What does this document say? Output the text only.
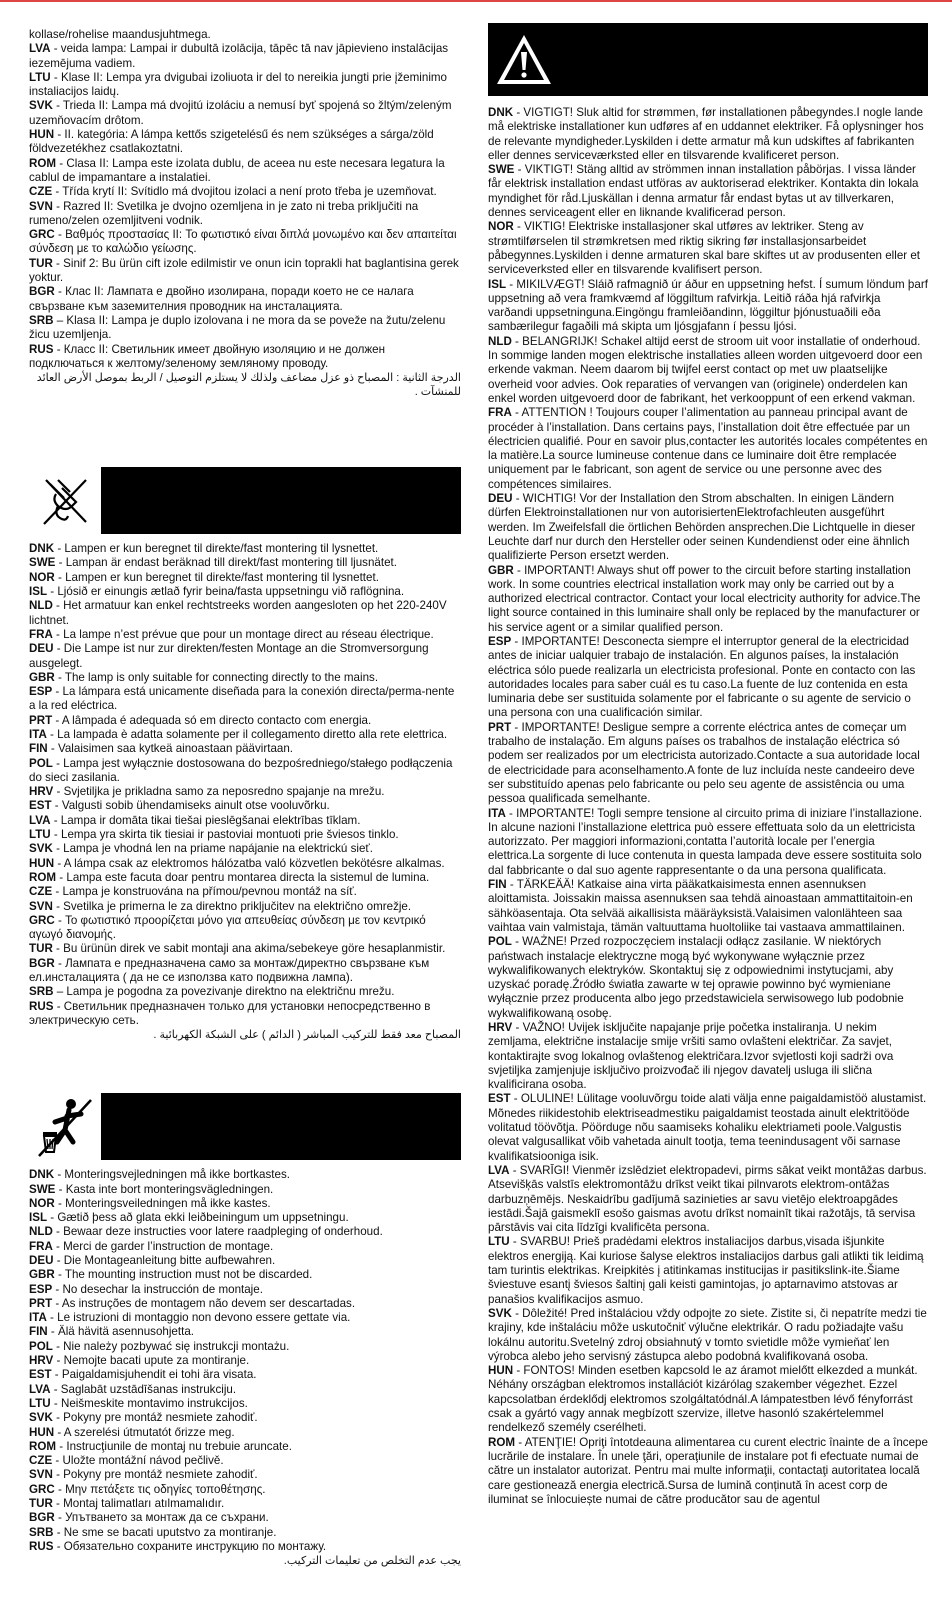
kollase/rohelise maandusjuhtmega.

LVA - veida lampa: Lampai ir dubultā izolācija, tāpēc tā nav jāpievieno instalācijas iezemējuma vadiem.

LTU - Klase II: Lempa yra dvigubai izoliuota ir del to nereikia jungti prie įžeminimo instaliacijos laidų.

SVK - Trieda II: Lampa má dvojitú izoláciu a nemusí byť spojená so žltým/zeleným uzemňovacím drôtom.

HUN - II. kategória: A lámpa kettős szigetelésű és nem szükséges a sárga/zöld földvezetékhez csatlakoztatni.

ROM - Clasa II: Lampa este izolata dublu, de aceea nu este necesara legatura la cablul de impamantare a instalatiei.

CZE - Třída krytí II: Svítidlo má dvojitou izolaci a není proto třeba je uzemňovat.

SVN - Razred II: Svetilka je dvojno ozemljena in je zato ni treba priključiti na rumeno/zelen ozemljitveni vodnik.

GRC - Βαθμός προστασίας II: Το φωτιστικό είναι διπλά μονωμένο και δεν απαιτείται σύνδεση με το καλώδιο γείωσης.

TUR - Sinif 2: Bu ürün cift izole edilmistir ve onun icin toprakli hat baglantisina gerek yoktur.

BGR - Клас II: Лампата е двойно изолирана, поради което не се налага свързване към заземителния проводник на инсталацията.

SRB – Klasa II: Lampa je duplo izolovana i ne mora da se poveže na žutu/zelenu žicu uzemljenja.

RUS - Класс II: Светильник имеет двойную изоляцию и не должен подключаться к желтому/зеленому земляному проводу.

الدرجة الثانية : المصباح ذو عزل مضاعف ولذلك لا يستلزم التوصيل / الربط بموصل الأرض العائد للمنشآت .

DNK - Lampen er kun beregnet til direkte/fast montering til lysnettet.

SWE - Lampan är endast beräknad till direkt/fast montering till ljusnätet.

NOR - Lampen er kun beregnet til direkte/fast montering til lysnettet.

ISL - Ljósið er einungis ætlað fyrir beina/fasta uppsetningu við raflögnina.

NLD - Het armatuur kan enkel rechtstreeks worden aangesloten op het 220-240V lichtnet.

FRA - La lampe n’est prévue que pour un montage direct au réseau électrique.

DEU - Die Lampe ist nur zur direkten/festen Montage an die Stromversorgung ausgelegt.

GBR - The lamp is only suitable for connecting directly to the mains.

ESP - La lámpara está unicamente diseñada para la conexión directa/perma-nente a la red eléctrica.

PRT - A lâmpada é adequada só em directo contacto com energia.

ITA - La lampada è adatta solamente per il collegamento diretto alla rete elettrica.

FIN - Valaisimen saa kytkeä ainoastaan päävirtaan.

POL - Lampa jest wyłącznie dostosowana do bezpośredniego/stałego podłączenia do sieci zasilania.

HRV - Svjetiljka je prikladna samo za neposredno spajanje na mrežu.

EST - Valgusti sobib ühendamiseks ainult otse vooluvõrku.

LVA - Lampa ir domāta tikai tiešai pieslēgšanai elektrības tīklam.

LTU - Lempa yra skirta tik tiesiai ir pastoviai montuoti prie šviesos tinklo.

SVK - Lampa je vhodná len na priame napájanie na elektrickú sieť.

HUN - A lámpa csak az elektromos hálózatba való közvetlen bekötésre alkalmas.

ROM - Lampa este facuta doar pentru montarea directa la sistemul de lumina.

CZE - Lampa je konstruována na přímou/pevnou montáž na síť.

SVN - Svetilka je primerna le za direktno priključitev na električno omrežje.

GRC - Το φωτιστικό προορίζεται μόνο για απευθείας σύνδεση με τον κεντρικό αγωγό διανομής.

TUR - Bu ürünün direk ve sabit montaji ana akima/sebekeye göre hesaplanmistir.

BGR - Лампата е предназначена само за монтаж/директно свързване към ел.инсталацията ( да не се използва като подвижна лампа).

SRB – Lampa je pogodna za povezivanje direktno na električnu mrežu.

RUS - Светильник предназначен только для установки непосредственно в электрическую сеть.

المصباح معد فقط للتركيب المباشر ( الدائم ) على الشبكة الكهربائية .

DNK - Monteringsvejledningen må ikke bortkastes.

SWE - Kasta inte bort monteringsvägledningen.

NOR - Monteringsveiledningen må ikke kastes.

ISL - Gætið þess að glata ekki leiðbeiningum um uppsetningu.

NLD - Bewaar deze instructies voor latere raadpleging of onderhoud.

FRA - Merci de garder l’instruction de montage.

DEU - Die Montageanleitung bitte aufbewahren.

GBR - The mounting instruction must not be discarded.

ESP - No desechar la instrucción de montaje.

PRT - As instruções de montagem não devem ser descartadas.

ITA - Le istruzioni di montaggio non devono essere gettate via.

FIN - Älä hävitä asennusohjetta.

POL - Nie należy pozbywać się instrukcji montażu.

HRV - Nemojte bacati upute za montiranje.

EST - Paigaldamisjuhendit ei tohi ära visata.

LVA - Saglabāt uzstādīšanas instrukciju.

LTU - Neišmeskite montavimo instrukcijos.

SVK - Pokyny pre montáž nesmiete zahodiť.

HUN - A szerelési útmutatót őrizze meg.

ROM - Instrucţiunile de montaj nu trebuie aruncate.

CZE - Uložte montážní návod pečlivě.

SVN - Pokyny pre montáž nesmiete zahodiť.

GRC - Μην πετάξετε τις οδηγίες τοποθέτησης.

TUR - Montaj talimatları atılmamalıdır.

BGR - Упътването за монтаж да се съхрани.

SRB - Ne sme se bacati uputstvo za montiranje.

RUS - Обязательно сохраните инструкцию по монтажу.

يجب عدم التخلص من تعليمات التركيب.

DNK - VIGTIGT! Sluk altid for strømmen, før installationen påbegyndes.I nogle lande må elektriske installationer kun udføres af en uddannet elektriker. Få oplysninger hos de relevante myndigheder.Lyskilden i dette armatur må kun udskiftes af fabrikanten eller dennes serviceværksted eller en tilsvarende kvalificeret person.

SWE - VIKTIGT! Stäng alltid av strömmen innan installation påbörjas. I vissa länder får elektrisk installation endast utföras av auktoriserad elektriker. Kontakta din lokala myndighet för råd.Ljuskällan i denna armatur får endast bytas ut av tillverkaren, dennes serviceagent eller en liknande kvalificerad person.

NOR - VIKTIG! Elektriske installasjoner skal utføres av lektriker. Steng av strømtilførselen til strømkretsen med riktig sikring før installasjonsarbeidet påbegynnes.Lyskilden i denne armaturen skal bare skiftes ut av produsenten eller et serviceverksted eller en tilsvarende kvalifisert person.

ISL - MIKILVÆGT! Sláið rafmagnið úr áður en uppsetning hefst. Í sumum löndum þarf uppsetning að vera framkvæmd af löggiltum rafvirkja. Leitið ráða hjá rafvirkja varðandi uppsetninguna.Eingöngu framleiðandinn, löggiltur þjónustuaðili eða sambærilegur fagaðili má skipta um ljósgjafann í þessu ljósi.

NLD - BELANGRIJK! Schakel altijd eerst de stroom uit voor installatie of onderhoud. In sommige landen mogen elektrische installaties alleen worden uitgevoerd door een erkende vakman. Neem daarom bij twijfel eerst contact op met uw plaatselijke overheid voor advies. Ook reparaties of vervangen van (originele) onderdelen kan enkel worden uitgevoerd door de fabrikant, het verkooppunt of een erkend vakman.

FRA - ATTENTION ! Toujours couper l’alimentation au panneau principal avant de procéder à l’installation. Dans certains pays, l’installation doit être effectuée par un électricien qualifié. Pour en savoir plus,contacter les autorités locales compétentes en la matière.La source lumineuse contenue dans ce luminaire doit être remplacée uniquement par le fabricant, son agent de service ou une personne avec des compétences similaires.

DEU - WICHTIG! Vor der Installation den Strom abschalten. In einigen Ländern dürfen Elektroinstallationen nur von autorisiertenElektrofachleuten ausgeführt werden. Im Zweifelsfall die örtlichen Behörden ansprechen.Die Lichtquelle in dieser Leuchte darf nur durch den Hersteller oder seinen Kundendienst oder eine ähnlich qualifizierte Person ersetzt werden.

GBR - IMPORTANT! Always shut off power to the circuit before starting installation work. In some countries electrical installation work may only be carried out by a authorized electrical contractor. Contact your local electricity authority for advice.The light source contained in this luminaire shall only be replaced by the manufacturer or his service agent or a similar qualified person.

ESP - IMPORTANTE! Desconecta siempre el interruptor general de la electricidad antes de iniciar ualquier trabajo de instalación. En algunos países, la instalación eléctrica sólo puede realizarla un electricista profesional. Ponte en contacto con las autoridades locales para saber cuál es tu caso.La fuente de luz contenida en esta luminaria debe ser sustituida solamente por el fabricante o su agente de servicio o una persona con una cualificación similar.

PRT - IMPORTANTE! Desligue sempre a corrente eléctrica antes de começar um trabalho de instalação. Em alguns países os trabalhos de instalação eléctrica só podem ser realizados por um electricista autorizado.Contacte a sua autoridade local de electricidade para aconselhamento.A fonte de luz incluída neste candeeiro deve ser substituído apenas pelo fabricante ou pelo seu agente de assistência ou uma pessoa qualificada semelhante.

ITA - IMPORTANTE! Togli sempre tensione al circuito prima di iniziare l’installazione. In alcune nazioni l’installazione elettrica può essere effettuata solo da un elettricista autorizzato. Per maggiori informazioni,contatta l’autorità locale per l’energia elettrica.La sorgente di luce contenuta in questa lampada deve essere sostituita solo dal fabbricante o dal suo agente rappresentante o da una persona qualificata.

FIN - TÄRKEÄÄ! Katkaise aina virta pääkatkaisimesta ennen asennuksen aloittamista. Joissakin maissa asennuksen saa tehdä ainoastaan ammattitaitoin-en sähköasentaja. Ota selvää aikallisista määräyksistä.Valaisimen valonlähteen saa vaihtaa vain valmistaja, tämän valtuuttama huoltoliike tai vastaava ammattilainen.

POL - WAŻNE! Przed rozpoczęciem instalacji odłącz zasilanie. W niektórych państwach instalacje elektryczne mogą być wykonywane wyłącznie przez wykwalifikowanych elektryków. Skontaktuj się z odpowiednimi instytucjami, aby uzyskać poradę.Źródło światła zawarte w tej oprawie powinno być wymieniane wyłącznie przez producenta albo jego przedstawiciela serwisowego lub podobnie wykwalifikowaną osobę.

HRV - VAŽNO! Uvijek isključite napajanje prije početka instaliranja. U nekim zemljama, električne instalacije smije vršiti samo ovlašteni električar. Za savjet, kontaktirajte svog lokalnog ovlaštenog električara.Izvor svjetlosti koji sadrži ova svjetiljka zamjenjuje isključivo proizvođač ili njegov davatelj usluga ili slična kvalificirana osoba.

EST - OLULINE! Lülitage vooluvõrgu toide alati välja enne paigaldamistöö alustamist. Mõnedes riikidestohib elektriseadmestiku paigaldamist teostada ainult elektritööde volitatud töövõtja. Pöörduge nõu saamiseks kohaliku elektriameti poole.Valgustis olevat valgusallikat võib vahetada ainult tootja, tema teenindusagent või sarnase kvalifikatsiooniga isik.

LVA - SVARĪGI! Vienmēr izslēdziet elektropadevi, pirms sākat veikt montāžas darbus. Atsevišķās valstīs elektromontāžu drīkst veikt tikai pilnvarots elektrom-ontāžas darbuzņēmējs. Neskaidrību gadījumā sazinieties ar savu vietējo elektroapgādes iestādi.Šajā gaismeklī esošo gaismas avotu drīkst nomainīt tikai ražotājs, tā servisa pārstāvis vai cita līdzīgi kvalificēta persona.

LTU - SVARBU! Prieš pradėdami elektros instaliacijos darbus,visada išjunkite elektros energiją. Kai kuriose šalyse elektros instaliacijos darbus gali atlikti tik leidimą tam turintis elektrikas. Kreipkitės į atitinkamas institucijas ir pasitikslink-ite.Šiame šviestuve esantį šviesos šaltinį gali keisti gamintojas, jo aptarnavimo atstovas ar panašios kvalifikacijos asmuo.

SVK - Dôležité! Pred inštaláciou vždy odpojte zo siete. Zistite si, či nepatríte medzi tie krajiny, kde inštaláciu môže uskutočniť výlučne elektrikár. O radu požiadajte vašu lokálnu autoritu.Svetelný zdroj obsiahnutý v tomto svietidle môže vymieňať len výrobca alebo jeho servisný zástupca alebo podobná kvalifikovaná osoba.

HUN - FONTOS! Minden esetben kapcsold le az áramot mielőtt elkezded a munkát. Néhány országban elektromos installációt kizárólag szakember végezhet. Ezzel kapcsolatban érdeklődj elektromos szolgáltatódnál.A lámpatestben lévő fényforrást csak a gyártó vagy annak megbízott szervize, illetve hasonló szakértelemmel rendelkező személy cserélheti.

ROM - ATENŢIE! Opriţi întotdeauna alimentarea cu curent electric înainte de a începe lucrările de instalare. În unele ţări, operaţiunile de instalare pot fi efectuate numai de către un instalator autorizat. Pentru mai multe informaţii, contactaţi autoritatea locală care gestionează energia electrică.Sursa de lumină conținută în acest corp de iluminat se înlocuiește numai de către producător sau de agentul
